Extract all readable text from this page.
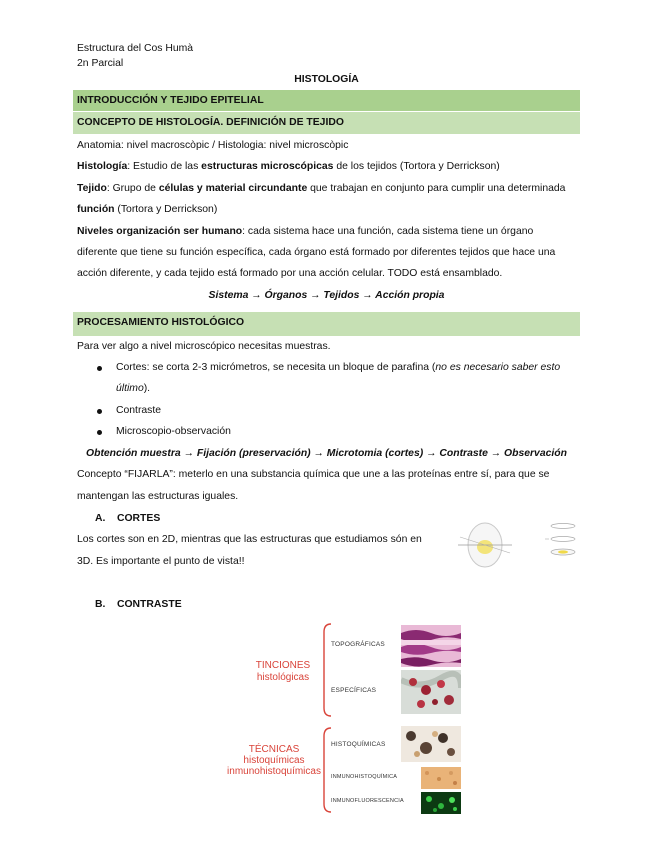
Estructura del Cos Humà
2n Parcial
HISTOLOGÍA
INTRODUCCIÓN Y TEJIDO EPITELIAL
CONCEPTO DE HISTOLOGÍA. DEFINICIÓN DE TEJIDO
Anatomia: nivel macroscòpic / Histologia: nivel microscòpic
Histología: Estudio de las estructuras microscópicas de los tejidos (Tortora y Derrickson)
Tejido: Grupo de células y material circundante que trabajan en conjunto para cumplir una determinada
función (Tortora y Derrickson)
Niveles organización ser humano: cada sistema hace una función, cada sistema tiene un órgano
diferente que tiene su función específica, cada órgano está formado por diferentes tejidos que hace una
acción diferente, y cada tejido está formado por una acción celular. TODO está ensamblado.
Sistema → Órganos → Tejidos → Acción propia
PROCESAMIENTO HISTOLÓGICO
Para ver algo a nivel microscópico necesitas muestras.
Cortes: se corta 2-3 micrómetros, se necesita un bloque de parafina (no es necesario saber esto
último).
Contraste
Microscopio-observación
Obtención muestra → Fijación (preservación) → Microtomia (cortes) → Contraste → Observación
Concepto “FIJARLA”: meterlo en una substancia química que une a las proteínas entre sí, para que se
mantengan las estructuras iguales.
A. CORTES
Los cortes son en 2D, mientras que las estructuras que estudiamos són en
3D. Es importante el punto de vista!!
B. CONTRASTE
TINCIONES
histológicas
TÉCNICAS
histoquímicas
inmunohistoquímicas
TOPOGRÁFICAS
ESPECÍFICAS
HISTOQUÍMICAS
INMUNOHISTOQUÍMICA
INMUNOFLUORESCENCIA
